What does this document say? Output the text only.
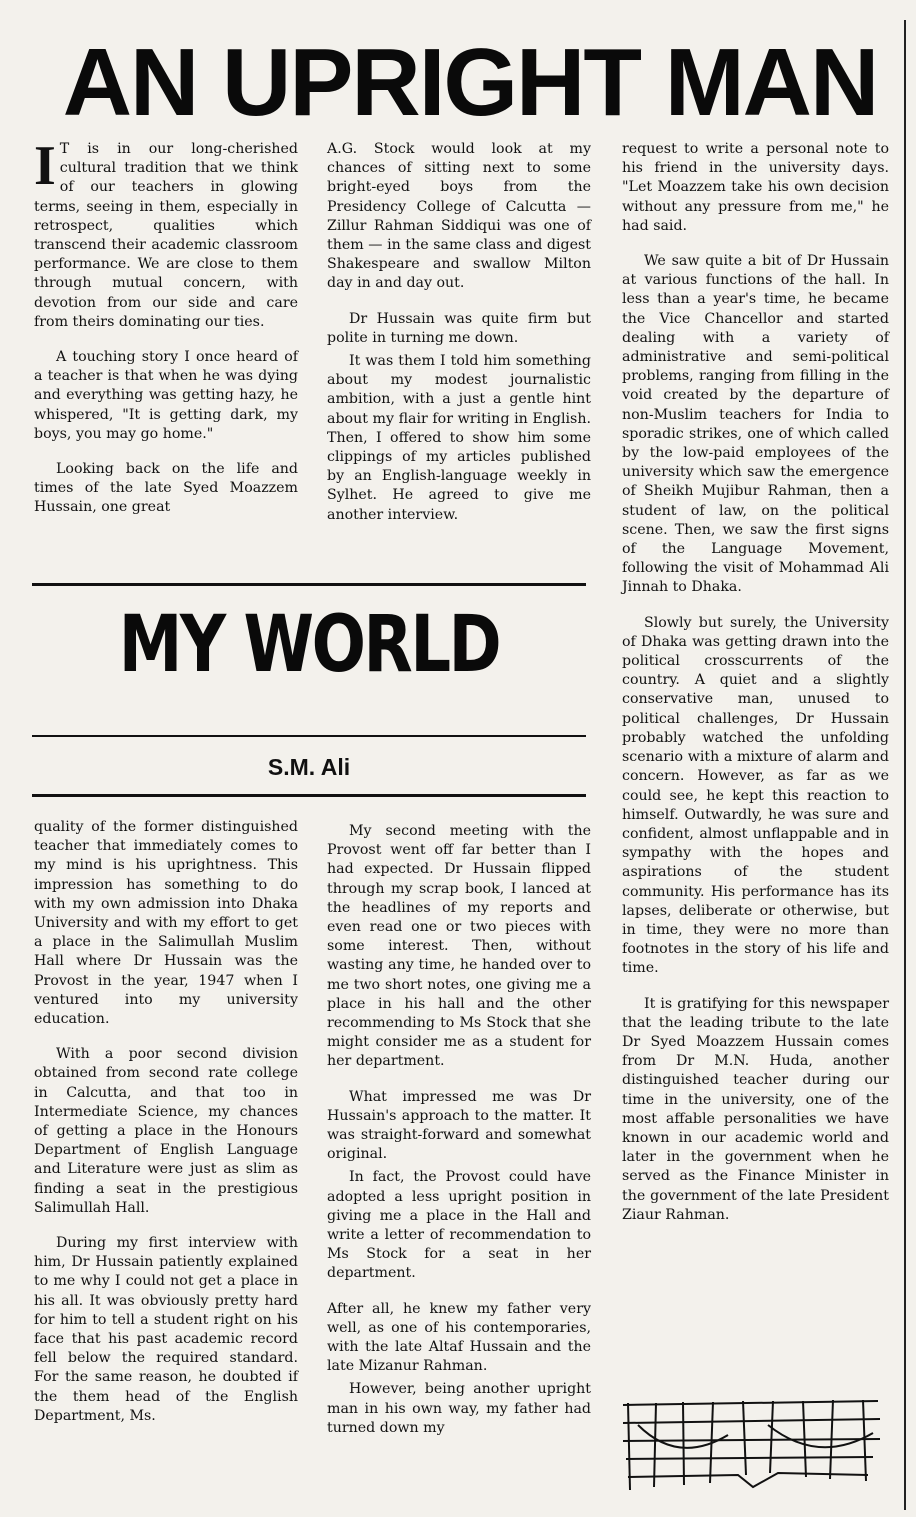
AN UPRIGHT MAN

I T is in our long-cherished cultural tradition that we think of our teachers in glowing terms, seeing in them, especially in retrospect, qualities which transcend their academic classroom performance. We are close to them through mutual concern, with devotion from our side and care from theirs dominating our ties.

A touching story I once heard of a teacher is that when he was dying and everything was getting hazy, he whispered, "It is getting dark, my boys, you may go home."

Looking back on the life and times of the late Syed Moazzem Hussain, one great

A.G. Stock would look at my chances of sitting next to some bright-eyed boys from the Presidency College of Calcutta — Zillur Rahman Siddiqui was one of them — in the same class and digest Shakespeare and swallow Milton day in and day out.

Dr Hussain was quite firm but polite in turning me down.

It was them I told him something about my modest journalistic ambition, with a just a gentle hint about my flair for writing in English. Then, I offered to show him some clippings of my articles published by an English-language weekly in Sylhet. He agreed to give me another interview.

MY WORLD
S.M. Ali

quality of the former distinguished teacher that immediately comes to my mind is his uprightness. This impression has something to do with my own admission into Dhaka University and with my effort to get a place in the Salimullah Muslim Hall where Dr Hussain was the Provost in the year, 1947 when I ventured into my university education.

With a poor second division obtained from second rate college in Calcutta, and that too in Intermediate Science, my chances of getting a place in the Honours Department of English Language and Literature were just as slim as finding a seat in the prestigious Salimullah Hall.

During my first interview with him, Dr Hussain patiently explained to me why I could not get a place in his all. It was obviously pretty hard for him to tell a student right on his face that his past academic record fell below the required standard. For the same reason, he doubted if the them head of the English Department, Ms.

My second meeting with the Provost went off far better than I had expected. Dr Hussain flipped through my scrap book, I lanced at the headlines of my reports and even read one or two pieces with some interest. Then, without wasting any time, he handed over to me two short notes, one giving me a place in his hall and the other recommending to Ms Stock that she might consider me as a student for her department.

What impressed me was Dr Hussain's approach to the matter. It was straight-forward and somewhat original.

In fact, the Provost could have adopted a less upright position in giving me a place in the Hall and write a letter of recommendation to Ms Stock for a seat in her department.

After all, he knew my father very well, as one of his contemporaries, with the late Altaf Hussain and the late Mizanur Rahman.

However, being another upright man in his own way, my father had turned down my

request to write a personal note to his friend in the university days. "Let Moazzem take his own decision without any pressure from me," he had said.

We saw quite a bit of Dr Hussain at various functions of the hall. In less than a year's time, he became the Vice Chancellor and started dealing with a variety of administrative and semi-political problems, ranging from filling in the void created by the departure of non-Muslim teachers for India to sporadic strikes, one of which called by the low-paid employees of the university which saw the emergence of Sheikh Mujibur Rahman, then a student of law, on the political scene. Then, we saw the first signs of the Language Movement, following the visit of Mohammad Ali Jinnah to Dhaka.

Slowly but surely, the University of Dhaka was getting drawn into the political crosscurrents of the country. A quiet and a slightly conservative man, unused to political challenges, Dr Hussain probably watched the unfolding scenario with a mixture of alarm and concern. However, as far as we could see, he kept this reaction to himself. Outwardly, he was sure and confident, almost unflappable and in sympathy with the hopes and aspirations of the student community. His performance has its lapses, deliberate or otherwise, but in time, they were no more than footnotes in the story of his life and time.

It is gratifying for this newspaper that the leading tribute to the late Dr Syed Moazzem Hussain comes from Dr M.N. Huda, another distinguished teacher during our time in the university, one of the most affable personalities we have known in our academic world and later in the government when he served as the Finance Minister in the government of the late President Ziaur Rahman.
